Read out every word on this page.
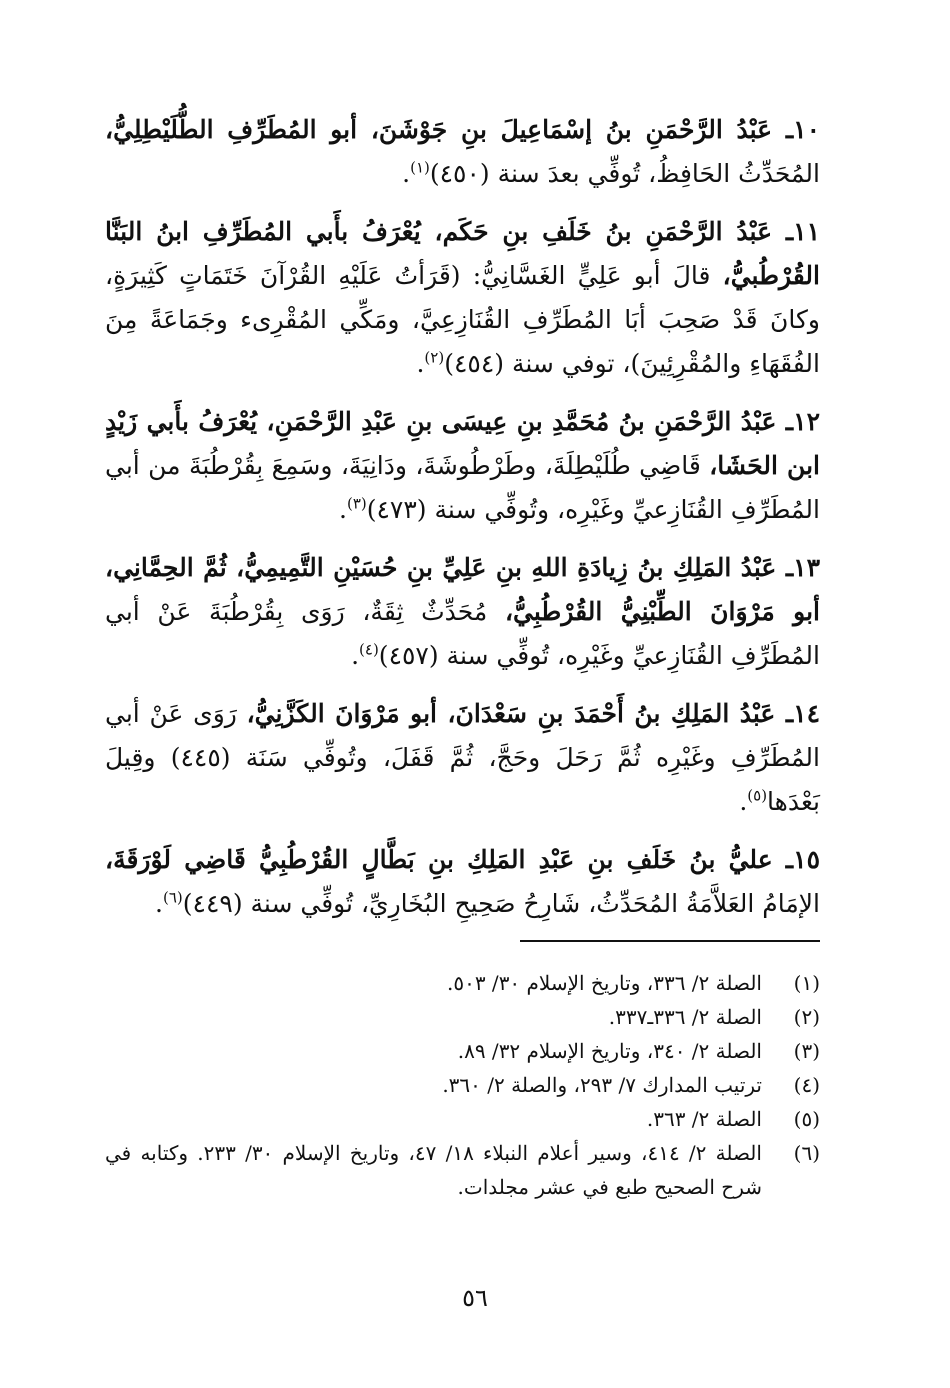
١٠ـ عَبْدُ الرَّحْمَنِ بنُ إسْمَاعِيلَ بنِ جَوْشَنَ، أبو المُطَرِّفِ الطُّلَيْطِلِيُّ، المُحَدِّثُ الحَافِظُ، تُوفِّي بعدَ سنة (٤٥٠)$^{(١)}$.

١١ـ عَبْدُ الرَّحْمَنِ بنُ خَلَفِ بنِ حَكَم، يُعْرَفُ بأَبي المُطَرِّفِ ابنُ البَنَّا القُرْطُبيُّ، قالَ أبو عَلِيٍّ الغَسَّانِيُّ: (قَرَأتُ عَلَيْهِ القُرْآنَ خَتَمَاتٍ كَثِيرَةٍ، وكانَ قَدْ صَحِبَ أبَا المُطَرِّفِ القُنَازِعِيَّ، ومَكِّي المُقْرِىء وجَمَاعَةً مِنَ الفُقَهَاءِ والمُقْرِئِينَ)، توفي سنة (٤٥٤)$^{(٢)}$.

١٢ـ عَبْدُ الرَّحْمَنِ بنُ مُحَمَّدِ بنِ عِيسَى بنِ عَبْدِ الرَّحْمَنِ، يُعْرَفُ بأَبي زَيْدٍ ابن الحَشَا، قَاضِي طُلَيْطِلَةَ، وطَرْطُوشَةَ، ودَانِيَةَ، وسَمِعَ بِقُرْطُبَةَ من أبي المُطَرِّفِ القُنَازِعيِّ وغَيْرِه، وتُوفِّي سنة (٤٧٣)$^{(٣)}$.

١٣ـ عَبْدُ المَلِكِ بنُ زِيادَةِ اللهِ بنِ عَلِيِّ بنِ حُسَيْنِ التَّمِيمِيُّ، ثُمَّ الحِمَّانِي، أبو مَرْوَانَ الطِّبْنِيُّ القُرْطُبِيُّ، مُحَدِّثٌ ثِقَةٌ، رَوَى بِقُرْطُبَةَ عَنْ أبي المُطَرِّفِ القُنَازِعيِّ وغَيْرِه، تُوفِّي سنة (٤٥٧)$^{(٤)}$.

١٤ـ عَبْدُ المَلِكِ بنُ أَحْمَدَ بنِ سَعْدَانَ، أبو مَرْوَانَ الكَزَّنِيُّ، رَوَى عَنْ أبي المُطَرِّفِ وغَيْرِه ثُمَّ رَحَلَ وحَجَّ، ثُمَّ قَفَلَ، وتُوفِّي سَنَة (٤٤٥) وقِيلَ بَعْدَها$^{(٥)}$.

١٥ـ عليُّ بنُ خَلَفِ بنِ عَبْدِ المَلِكِ بنِ بَطَّالٍ القُرْطُبِيُّ قَاضِي لَوْرَقَةَ، الإمَامُ العَلاَّمَةُ المُحَدِّثُ، شَارِحُ صَحِيحِ البُخَارِيِّ، تُوفِّي سنة (٤٤٩)$^{(٦)}$.

(١)
الصلة ٢/ ٣٣٦، وتاريخ الإسلام ٣٠/ ٥٠٣.
(٢)
الصلة ٢/ ٣٣٦ـ٣٣٧.
(٣)
الصلة ٢/ ٣٤٠، وتاريخ الإسلام ٣٢/ ٨٩.
(٤)
ترتيب المدارك ٧/ ٢٩٣، والصلة ٢/ ٣٦٠.
(٥)
الصلة ٢/ ٣٦٣.
(٦)
الصلة ٢/ ٤١٤، وسير أعلام النبلاء ١٨/ ٤٧، وتاريخ الإسلام ٣٠/ ٢٣٣. وكتابه في شرح الصحيح طبع في عشر مجلدات.
٥٦
